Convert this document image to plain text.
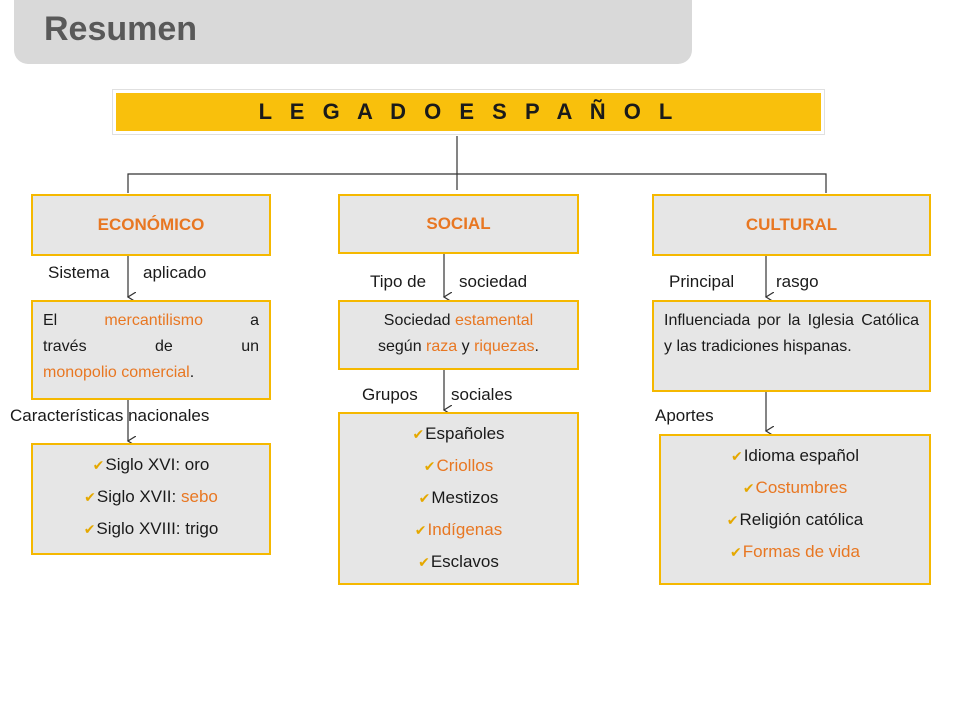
Resumen
L E G A D O E S P A Ñ O L
ECONÓMICO
Sistema aplicado
El	mercantilismo	a
través	de	un
monopolio comercial.
Características nacionales
✔Siglo XVI: oro
✔Siglo XVII: sebo
✔Siglo XVIII: trigo
SOCIAL
Tipo de sociedad
Sociedad estamental
según raza y riquezas.
Grupos sociales
✔Españoles
✔Criollos
✔Mestizos
✔Indígenas
✔Esclavos
CULTURAL
Principal rasgo
Influenciada por la Iglesia Católica y las tradiciones hispanas.
Aportes
✔Idioma español
✔Costumbres
✔Religión católica
✔Formas de vida
